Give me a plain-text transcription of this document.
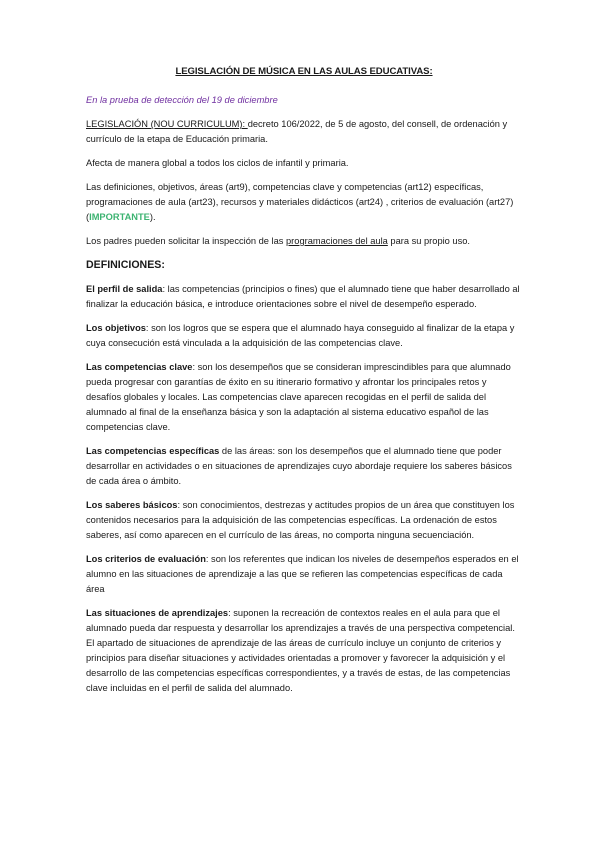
LEGISLACIÓN DE MÚSICA EN LAS AULAS EDUCATIVAS:
En la prueba de detección del 19 de diciembre

LEGISLACIÓN (NOU CURRICULUM): decreto 106/2022, de 5 de agosto, del consell, de ordenación y currículo de la etapa de Educación primaria.

Afecta de manera global a todos los ciclos de infantil y primaria.

Las definiciones, objetivos, áreas (art9), competencias clave y competencias (art12) específicas, programaciones de aula (art23), recursos y materiales didácticos (art24) , criterios de evaluación (art27) (IMPORTANTE).

Los padres pueden solicitar la inspección de las programaciones del aula para su propio uso.

DEFINICIONES:

El perfil de salida: las competencias (principios o fines) que el alumnado tiene que haber desarrollado al finalizar la educación básica, e introduce orientaciones sobre el nivel de desempeño esperado.

Los objetivos: son los logros que se espera que el alumnado haya conseguido al finalizar de la etapa y cuya consecución está vinculada a la adquisición de las competencias clave.

Las competencias clave: son los desempeños que se consideran imprescindibles para que alumnado pueda progresar con garantías de éxito en su itinerario formativo y afrontar los principales retos y desafíos globales y locales. Las competencias clave aparecen recogidas en el perfil de salida del alumnado al final de la enseñanza básica y son la adaptación al sistema educativo español de las competencias clave.

Las competencias específicas de las áreas: son los desempeños que el alumnado tiene que poder desarrollar en actividades o en situaciones de aprendizajes cuyo abordaje requiere los saberes básicos de cada área o ámbito.

Los saberes básicos: son conocimientos, destrezas y actitudes propios de un área que constituyen los contenidos necesarios para la adquisición de las competencias específicas. La ordenación de estos saberes, así como aparecen en el currículo de las áreas, no comporta ninguna secuenciación.

Los criterios de evaluación: son los referentes que indican los niveles de desempeños esperados en el alumno en las situaciones de aprendizaje a las que se refieren las competencias específicas de cada área

Las situaciones de aprendizajes: suponen la recreación de contextos reales en el aula para que el alumnado pueda dar respuesta y desarrollar los aprendizajes a través de una perspectiva competencial. El apartado de situaciones de aprendizaje de las áreas de currículo incluye un conjunto de criterios y principios para diseñar situaciones y actividades orientadas a promover y favorecer la adquisición y el desarrollo de las competencias específicas correspondientes, y a través de estas, de las competencias clave incluidas en el perfil de salida del alumnado.
